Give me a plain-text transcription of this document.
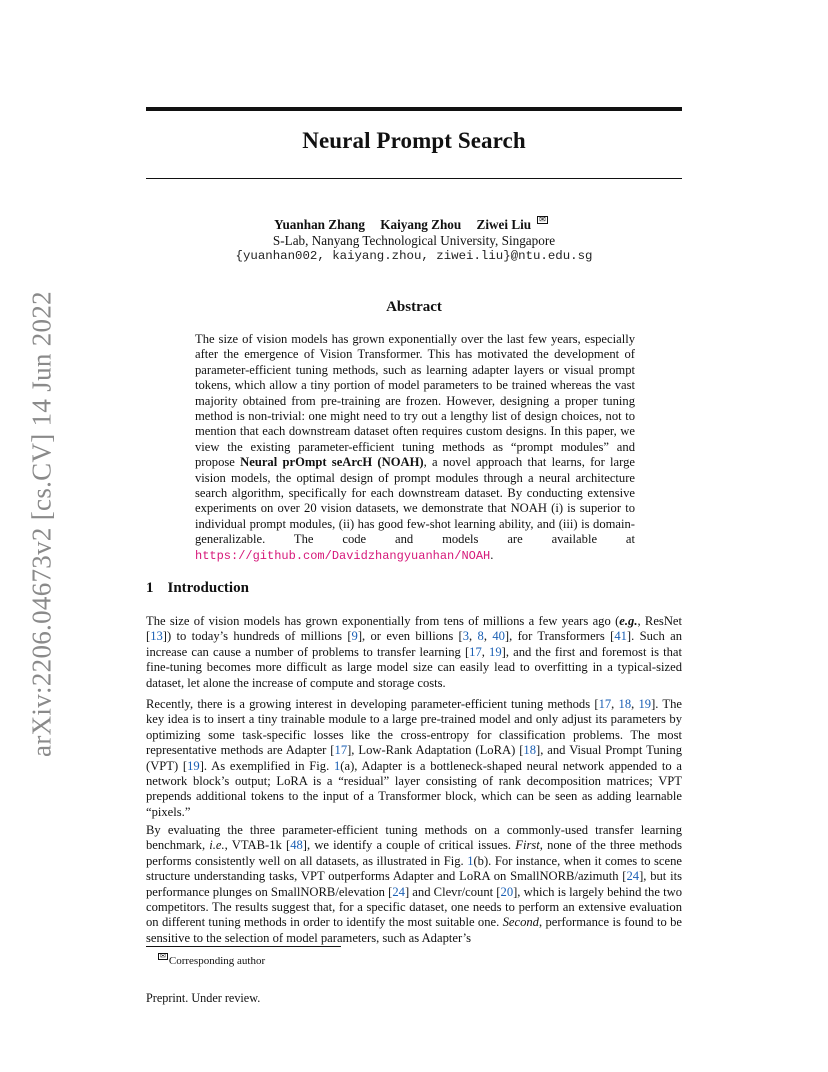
arXiv:2206.04673v2 [cs.CV] 14 Jun 2022
Neural Prompt Search
Yuanhan Zhang Kaiyang Zhou Ziwei Liu ✉
S-Lab, Nanyang Technological University, Singapore
{yuanhan002, kaiyang.zhou, ziwei.liu}@ntu.edu.sg
Abstract
The size of vision models has grown exponentially over the last few years, especially after the emergence of Vision Transformer. This has motivated the development of parameter-efficient tuning methods, such as learning adapter layers or visual prompt tokens, which allow a tiny portion of model parameters to be trained whereas the vast majority obtained from pre-training are frozen. However, designing a proper tuning method is non-trivial: one might need to try out a lengthy list of design choices, not to mention that each downstream dataset often requires custom designs. In this paper, we view the existing parameter-efficient tuning methods as “prompt modules” and propose Neural prOmpt seArcH (NOAH), a novel approach that learns, for large vision models, the optimal design of prompt modules through a neural architecture search algorithm, specifically for each downstream dataset. By conducting extensive experiments on over 20 vision datasets, we demonstrate that NOAH (i) is superior to individual prompt modules, (ii) has good few-shot learning ability, and (iii) is domain-generalizable. The code and models are available at https://github.com/Davidzhangyuanhan/NOAH.
1 Introduction
The size of vision models has grown exponentially from tens of millions a few years ago (e.g., ResNet [13]) to today’s hundreds of millions [9], or even billions [3, 8, 40], for Transformers [41]. Such an increase can cause a number of problems to transfer learning [17, 19], and the first and foremost is that fine-tuning becomes more difficult as large model size can easily lead to overfitting in a typical-sized dataset, let alone the increase of compute and storage costs.
Recently, there is a growing interest in developing parameter-efficient tuning methods [17, 18, 19]. The key idea is to insert a tiny trainable module to a large pre-trained model and only adjust its parameters by optimizing some task-specific losses like the cross-entropy for classification problems. The most representative methods are Adapter [17], Low-Rank Adaptation (LoRA) [18], and Visual Prompt Tuning (VPT) [19]. As exemplified in Fig. 1(a), Adapter is a bottleneck-shaped neural network appended to a network block’s output; LoRA is a “residual” layer consisting of rank decomposition matrices; VPT prepends additional tokens to the input of a Transformer block, which can be seen as adding learnable “pixels.”
By evaluating the three parameter-efficient tuning methods on a commonly-used transfer learning benchmark, i.e., VTAB-1k [48], we identify a couple of critical issues. First, none of the three methods performs consistently well on all datasets, as illustrated in Fig. 1(b). For instance, when it comes to scene structure understanding tasks, VPT outperforms Adapter and LoRA on SmallNORB/azimuth [24], but its performance plunges on SmallNORB/elevation [24] and Clevr/count [20], which is largely behind the two competitors. The results suggest that, for a specific dataset, one needs to perform an extensive evaluation on different tuning methods in order to identify the most suitable one. Second, performance is found to be sensitive to the selection of model parameters, such as Adapter’s
✉ Corresponding author
Preprint. Under review.
